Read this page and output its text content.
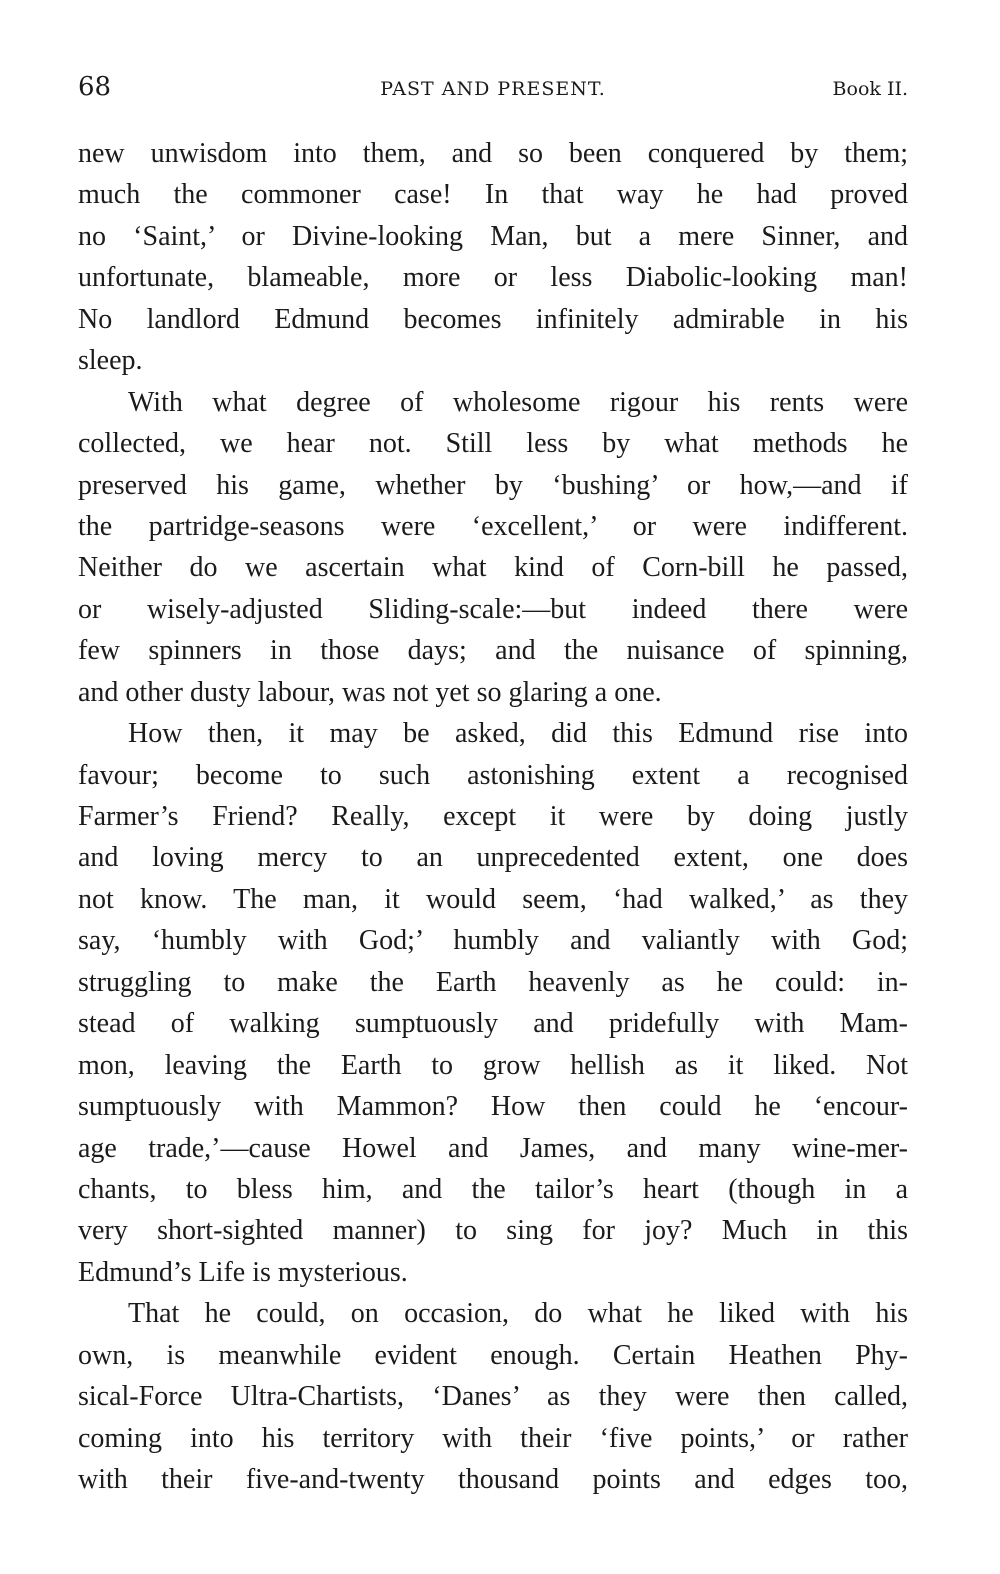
PAST AND PRESENT.
68	Book II.
new unwisdom into them, and so been conquered by them;
much the commoner case! In that way he had proved
no ‘Saint,’ or Divine-looking Man, but a mere Sinner, and
unfortunate, blameable, more or less Diabolic-looking man!
No landlord Edmund becomes infinitely admirable in his
sleep.
With what degree of wholesome rigour his rents were
collected, we hear not. Still less by what methods he
preserved his game, whether by ‘bushing’ or how,—and if
the partridge-seasons were ‘excellent,’ or were indifferent.
Neither do we ascertain what kind of Corn-bill he passed,
or wisely-adjusted Sliding-scale:—but indeed there were
few spinners in those days; and the nuisance of spinning,
and other dusty labour, was not yet so glaring a one.
How then, it may be asked, did this Edmund rise into
favour; become to such astonishing extent a recognised
Farmer’s Friend? Really, except it were by doing justly
and loving mercy to an unprecedented extent, one does
not know. The man, it would seem, ‘had walked,’ as they
say, ‘humbly with God;’ humbly and valiantly with God;
struggling to make the Earth heavenly as he could: in-
stead of walking sumptuously and pridefully with Mam-
mon, leaving the Earth to grow hellish as it liked. Not
sumptuously with Mammon? How then could he ‘encour-
age trade,’—cause Howel and James, and many wine-mer-
chants, to bless him, and the tailor’s heart (though in a
very short-sighted manner) to sing for joy? Much in this
Edmund’s Life is mysterious.
That he could, on occasion, do what he liked with his
own, is meanwhile evident enough. Certain Heathen Phy-
sical-Force Ultra-Chartists, ‘Danes’ as they were then called,
coming into his territory with their ‘five points,’ or rather
with their five-and-twenty thousand points and edges too,
